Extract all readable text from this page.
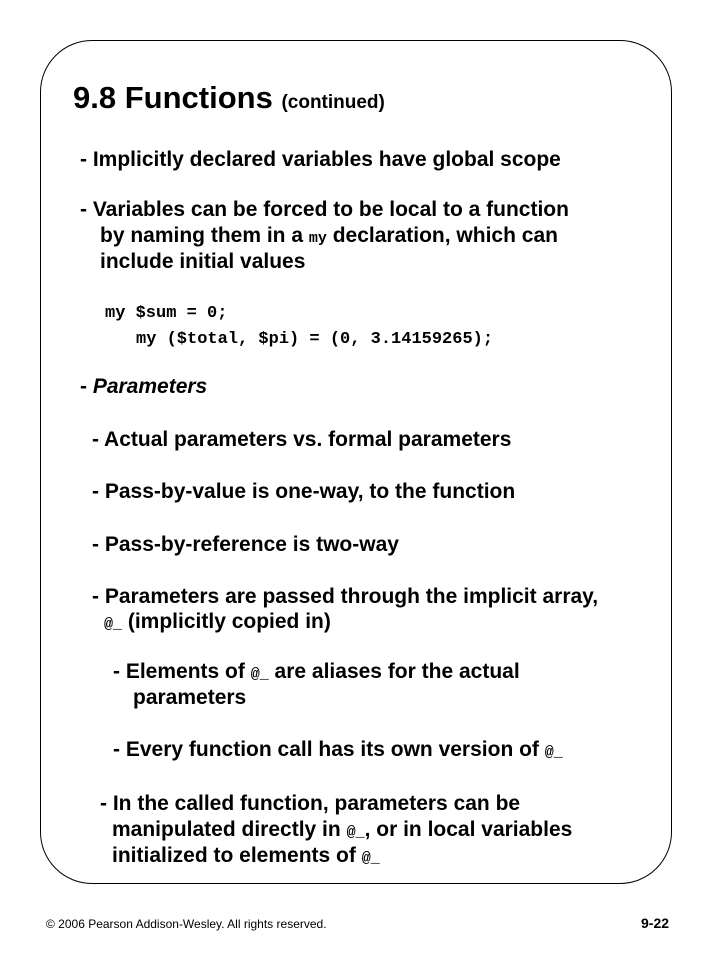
9.8 Functions (continued)

- Implicitly declared variables have global scope

- Variables can be forced to be local to a function

by naming them in a my declaration, which can

include initial values

my $sum = 0;

my ($total, $pi) = (0, 3.14159265);

- Parameters

- Actual parameters vs. formal parameters

- Pass-by-value is one-way, to the function

- Pass-by-reference is two-way

- Parameters are passed through the implicit array,

@_ (implicitly copied in)

- Elements of @_ are aliases for the actual

parameters

- Every function call has its own version of @_

- In the called function, parameters can be

manipulated directly in @_, or in local variables

initialized to elements of @_

© 2006 Pearson Addison-Wesley. All rights reserved.	9-22
